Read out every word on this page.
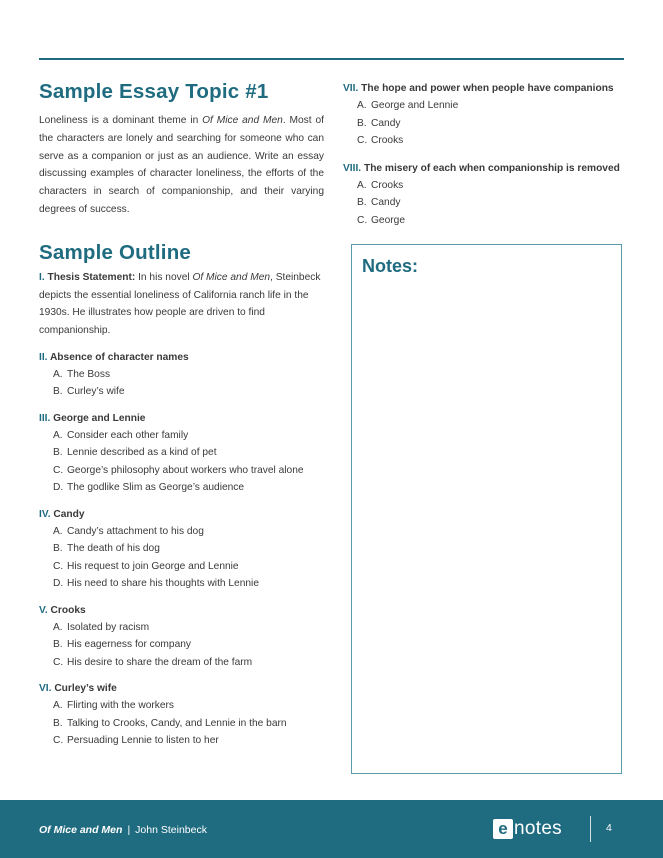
Sample Essay Topic #1

Loneliness is a dominant theme in Of Mice and Men. Most of the characters are lonely and searching for someone who can serve as a companion or just as an audience. Write an essay discussing examples of character loneliness, the efforts of the characters in search of companionship, and their varying degrees of success.

Sample Outline

I. Thesis Statement: In his novel Of Mice and Men, Steinbeck depicts the essential loneliness of California ranch life in the 1930s. He illustrates how people are driven to find companionship.

II. Absence of character names
A. The Boss
B. Curley’s wife
III. George and Lennie
A. Consider each other family
B. Lennie described as a kind of pet
C. George’s philosophy about workers who travel alone
D. The godlike Slim as George’s audience
IV. Candy
A. Candy’s attachment to his dog
B. The death of his dog
C. His request to join George and Lennie
D. His need to share his thoughts with Lennie
V. Crooks
A. Isolated by racism
B. His eagerness for company
C. His desire to share the dream of the farm
VI. Curley’s wife
A. Flirting with the workers
B. Talking to Crooks, Candy, and Lennie in the barn
C. Persuading Lennie to listen to her
VII. The hope and power when people have companions
A. George and Lennie
B. Candy
C. Crooks
VIII. The misery of each when companionship is removed
A. Crooks
B. Candy
C. George
Notes:
Of Mice and Men | John Steinbeck	e notes	4
